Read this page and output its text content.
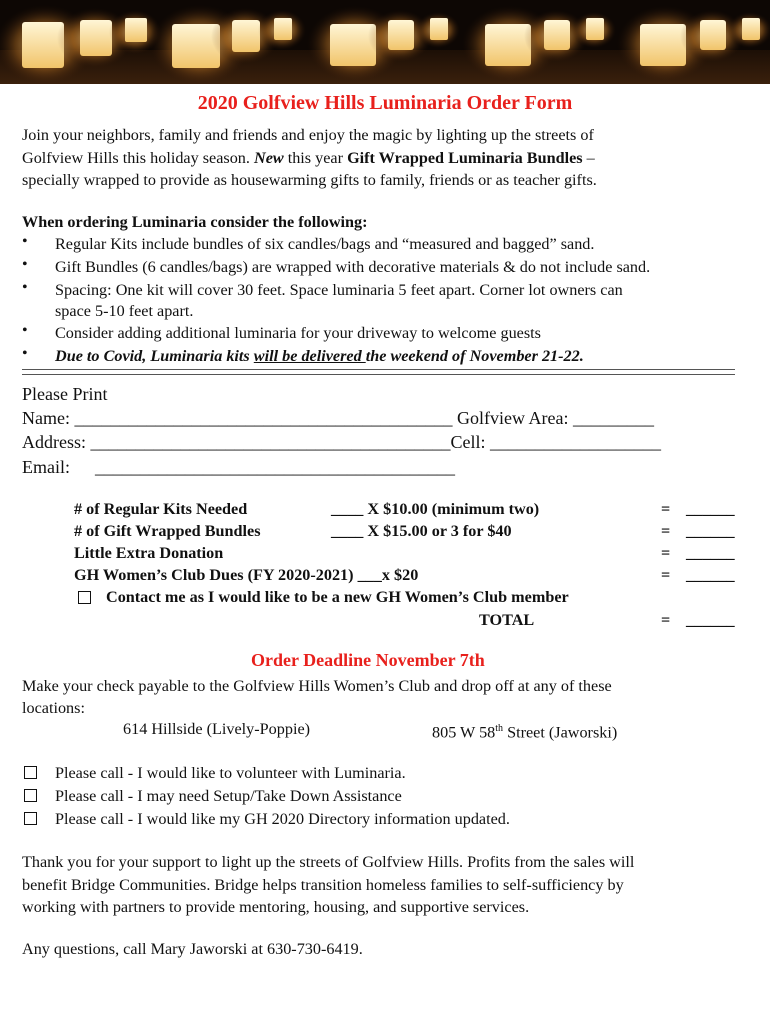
2020 Golfview Hills Luminaria Order Form
Join your neighbors, family and friends and enjoy the magic by lighting up the streets of
Golfview Hills this holiday season. New this year Gift Wrapped Luminaria Bundles –
specially wrapped to provide as housewarming gifts to family, friends or as teacher gifts.
When ordering Luminaria consider the following:
• Regular Kits include bundles of six candles/bags and “measured and bagged” sand.
• Gift Bundles (6 candles/bags) are wrapped with decorative materials & do not include sand.
• Spacing: One kit will cover 30 feet. Space luminaria 5 feet apart. Corner lot owners can
space 5-10 feet apart.
• Consider adding additional luminaria for your driveway to welcome guests
• Due to Covid, Luminaria kits will be delivered the weekend of November 21-22.
Please Print
Name: __________________________________________ Golfview Area: _________
Address: ________________________________________Cell: ___________________
Email: ________________________________________
# of Regular Kits Needed	____ X $10.00 (minimum two)	= ______
# of Gift Wrapped Bundles	____ X $15.00 or 3 for $40	= ______
Little Extra Donation	= ______
GH Women’s Club Dues (FY 2020-2021) ___x $20	= ______
Contact me as I would like to be a new GH Women’s Club member
TOTAL	= ______
Order Deadline November 7th
Make your check payable to the Golfview Hills Women’s Club and drop off at any of these
locations:
614 Hillside (Lively-Poppie)	805 W 58th Street (Jaworski)
Please call - I would like to volunteer with Luminaria.
Please call - I may need Setup/Take Down Assistance
Please call - I would like my GH 2020 Directory information updated.
Thank you for your support to light up the streets of Golfview Hills. Profits from the sales will
benefit Bridge Communities. Bridge helps transition homeless families to self-sufficiency by
working with partners to provide mentoring, housing, and supportive services.
Any questions, call Mary Jaworski at 630-730-6419.
